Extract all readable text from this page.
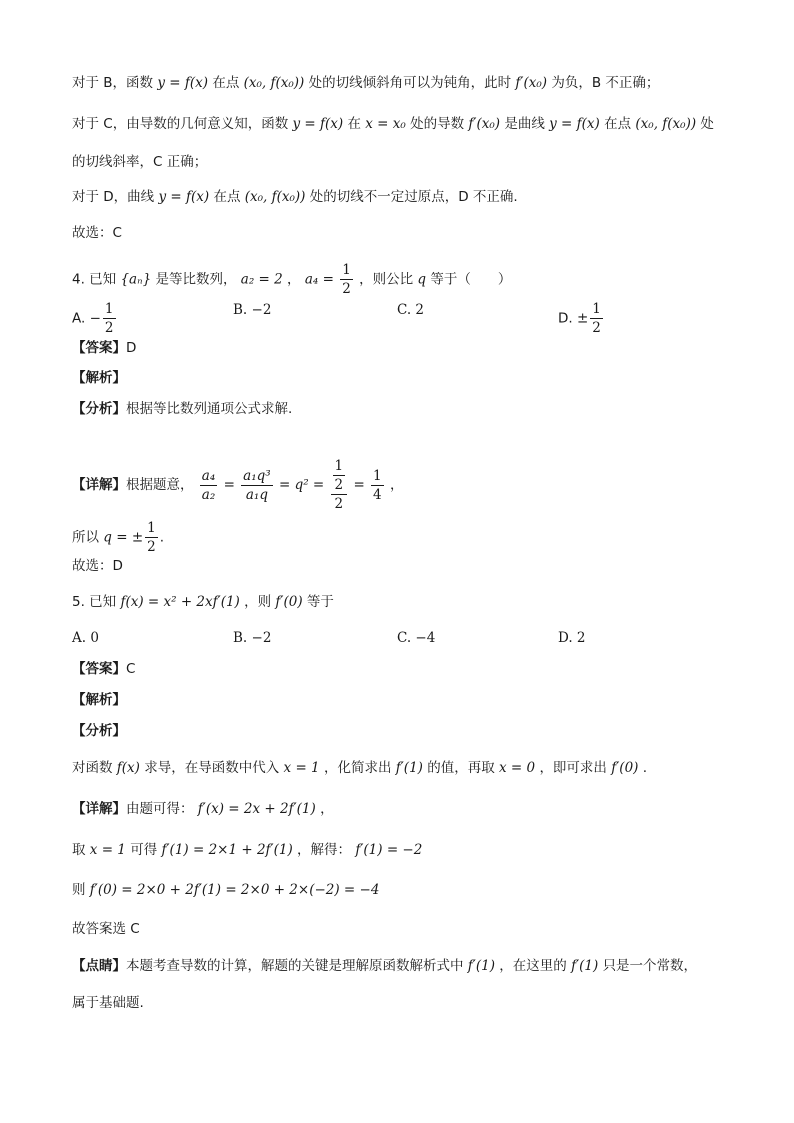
对于 B，函数 y = f(x) 在点 (x₀, f(x₀)) 处的切线倾斜角可以为钝角，此时 f′(x₀) 为负，B 不正确；
对于 C，由导数的几何意义知，函数 y = f(x) 在 x = x₀ 处的导数 f′(x₀) 是曲线 y = f(x) 在点 (x₀, f(x₀)) 处
的切线斜率，C 正确；
对于 D，曲线 y = f(x) 在点 (x₀, f(x₀)) 处的切线不一定过原点，D 不正确.
故选：C
4. 已知 {aₙ} 是等比数列， a₂ = 2 ， $a_4 = \frac{1}{2}$ ，则公比 q 等于（　　）
A. − $\frac{1}{2}$	B. −2	C. 2
D. ± $\frac{1}{2}$
【答案】D
【解析】
【分析】根据等比数列通项公式求解.
【详解】根据题意， $\frac{\text{a₄}}{\text{a₂}} = \frac{\text{a₁q³}}{\text{a₁q}} = q^2 = \frac{\frac{1}{2}}{2} = \frac{1}{4}$ ，
所以 q = ± $\frac{1}{2}$ .
故选：D
5. 已知 f(x) = x² + 2xf′(1) ，则 f′(0) 等于
A. 0	B. −2	C. −4	D. 2
【答案】C
【解析】
【分析】
对函数 f(x) 求导，在导函数中代入 x = 1 ，化简求出 f′(1) 的值，再取 x = 0 ，即可求出 f′(0) .
【详解】由题可得： f′(x) = 2x + 2f′(1) ，
取 x = 1 可得 f′(1) = 2×1 + 2f′(1) ，解得： f′(1) = −2
则 f′(0) = 2×0 + 2f′(1) = 2×0 + 2×(−2) = −4
故答案选 C
【点睛】本题考查导数的计算，解题的关键是理解原函数解析式中 f′(1) ，在这里的 f′(1) 只是一个常数，
属于基础题.
